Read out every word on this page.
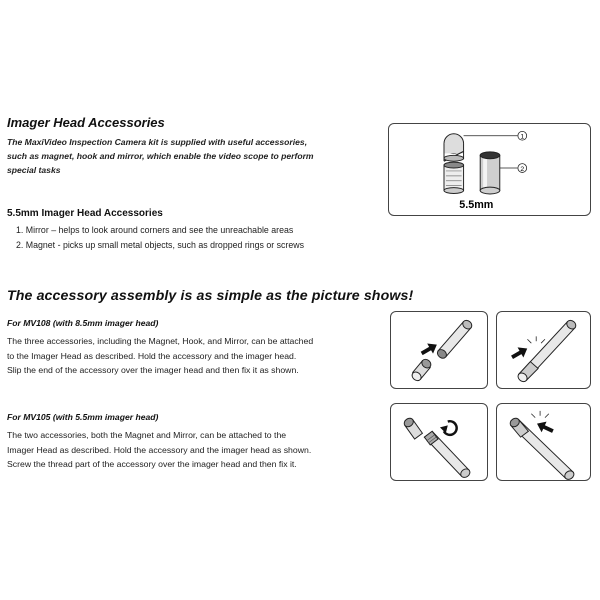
Imager Head Accessories
The MaxiVideo Inspection Camera kit is supplied with useful accessories,
such as magnet, hook and mirror, which enable the video scope to perform
special tasks
5.5mm Imager Head Accessories
1. Mirror – helps to look around corners and see the unreachable areas
2. Magnet - picks up small metal objects, such as dropped rings or screws
1
2
5.5mm
The accessory assembly is as simple as the picture shows!
For MV108 (with 8.5mm imager head)
The three accessories, including the Magnet, Hook, and Mirror, can be attached
to the Imager Head as described. Hold the accessory and the imager head.
Slip the end of the accessory over the imager head and then fix it as shown.
For MV105 (with 5.5mm imager head)
The two accessories, both the Magnet and Mirror, can be attached to the
Imager Head as described. Hold the accessory and the imager head as shown.
Screw the thread part of the accessory over the imager head and then fix it.
